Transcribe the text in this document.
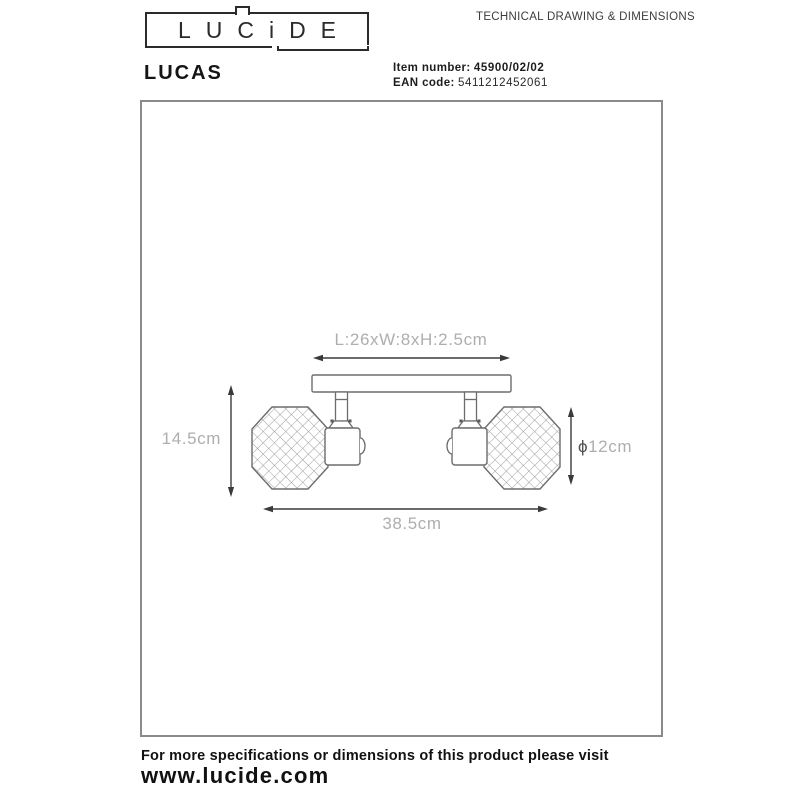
LUCiDE	TECHNICAL DRAWING & DIMENSIONS
LUCAS	Item number: 45900/02/02
EAN code: 5411212452061
L:26xW:8xH:2.5cm
14.5cm	ϕ12cm
38.5cm
For more specifications or dimensions of this product please visit
www.lucide.com
